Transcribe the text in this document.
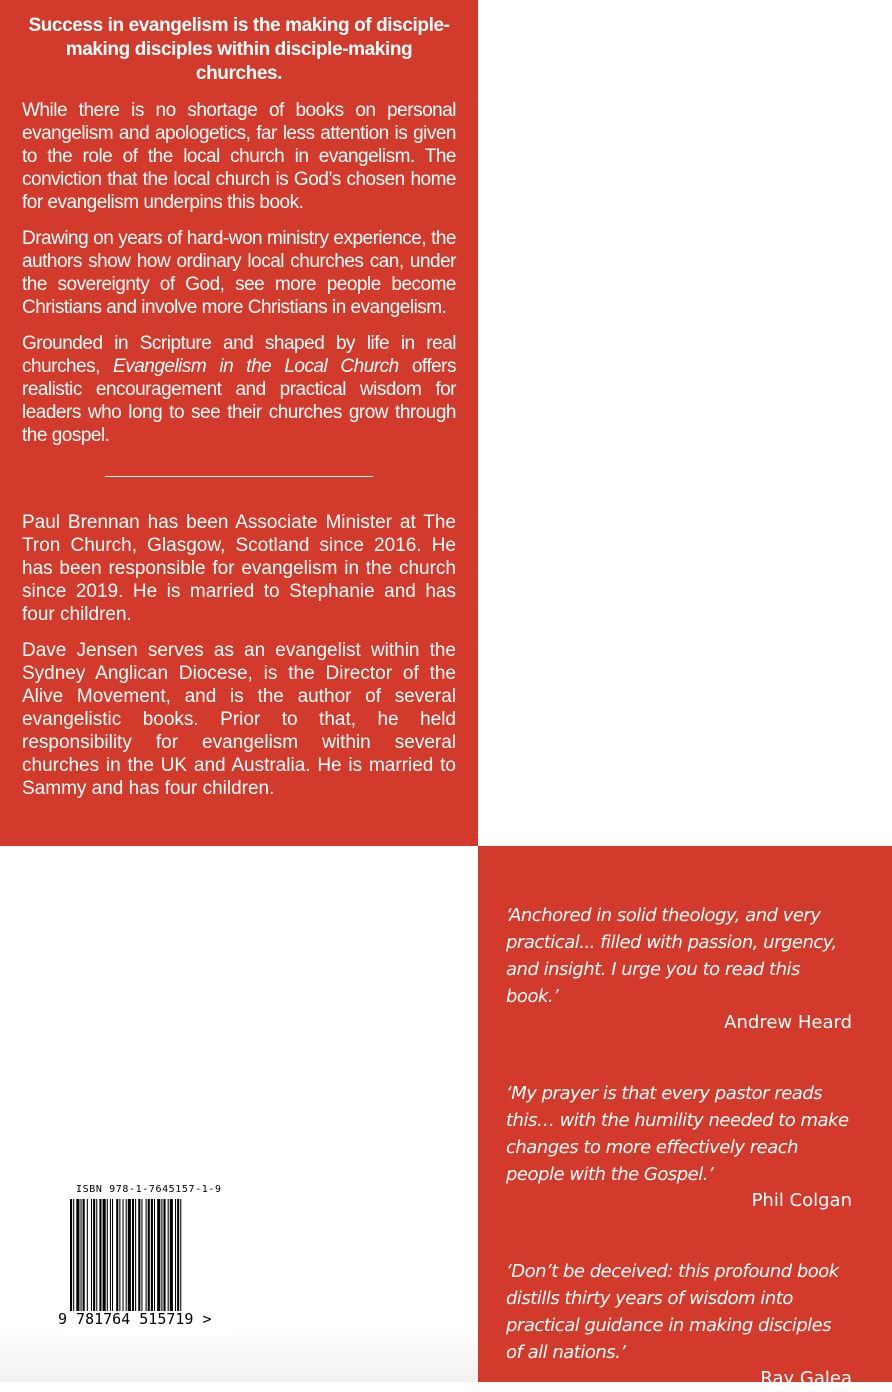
Success in evangelism is the making of disciple-making disciples within disciple-making churches.

While there is no shortage of books on personal evangelism and apologetics, far less attention is given to the role of the local church in evangelism. The conviction that the local church is God’s chosen home for evangelism underpins this book.

Drawing on years of hard-won ministry experience, the authors show how ordinary local churches can, under the sovereignty of God, see more people become Christians and involve more Christians in evangelism.

Grounded in Scripture and shaped by life in real churches, Evangelism in the Local Church offers realistic encouragement and practical wisdom for leaders who long to see their churches grow through the gospel.

Paul Brennan has been Associate Minister at The Tron Church, Glasgow, Scotland since 2016. He has been responsible for evangelism in the church since 2019. He is married to Stephanie and has four children.

Dave Jensen serves as an evangelist within the Sydney Anglican Diocese, is the Director of the Alive Movement, and is the author of several evangelistic books. Prior to that, he held responsibility for evangelism within several churches in the UK and Australia. He is married to Sammy and has four children.

‘Anchored in solid theology, and very practical... filled with passion, urgency, and insight. I urge you to read this book.’
Andrew Heard
‘My prayer is that every pastor reads this… with the humility needed to make changes to more effectively reach people with the Gospel.’
Phil Colgan
‘Don’t be deceived: this profound book distills thirty years of wisdom into practical guidance in making disciples of all nations.’
Ray Galea
ISBN 978-1-7645157-1-9
9 781764 515719 >
